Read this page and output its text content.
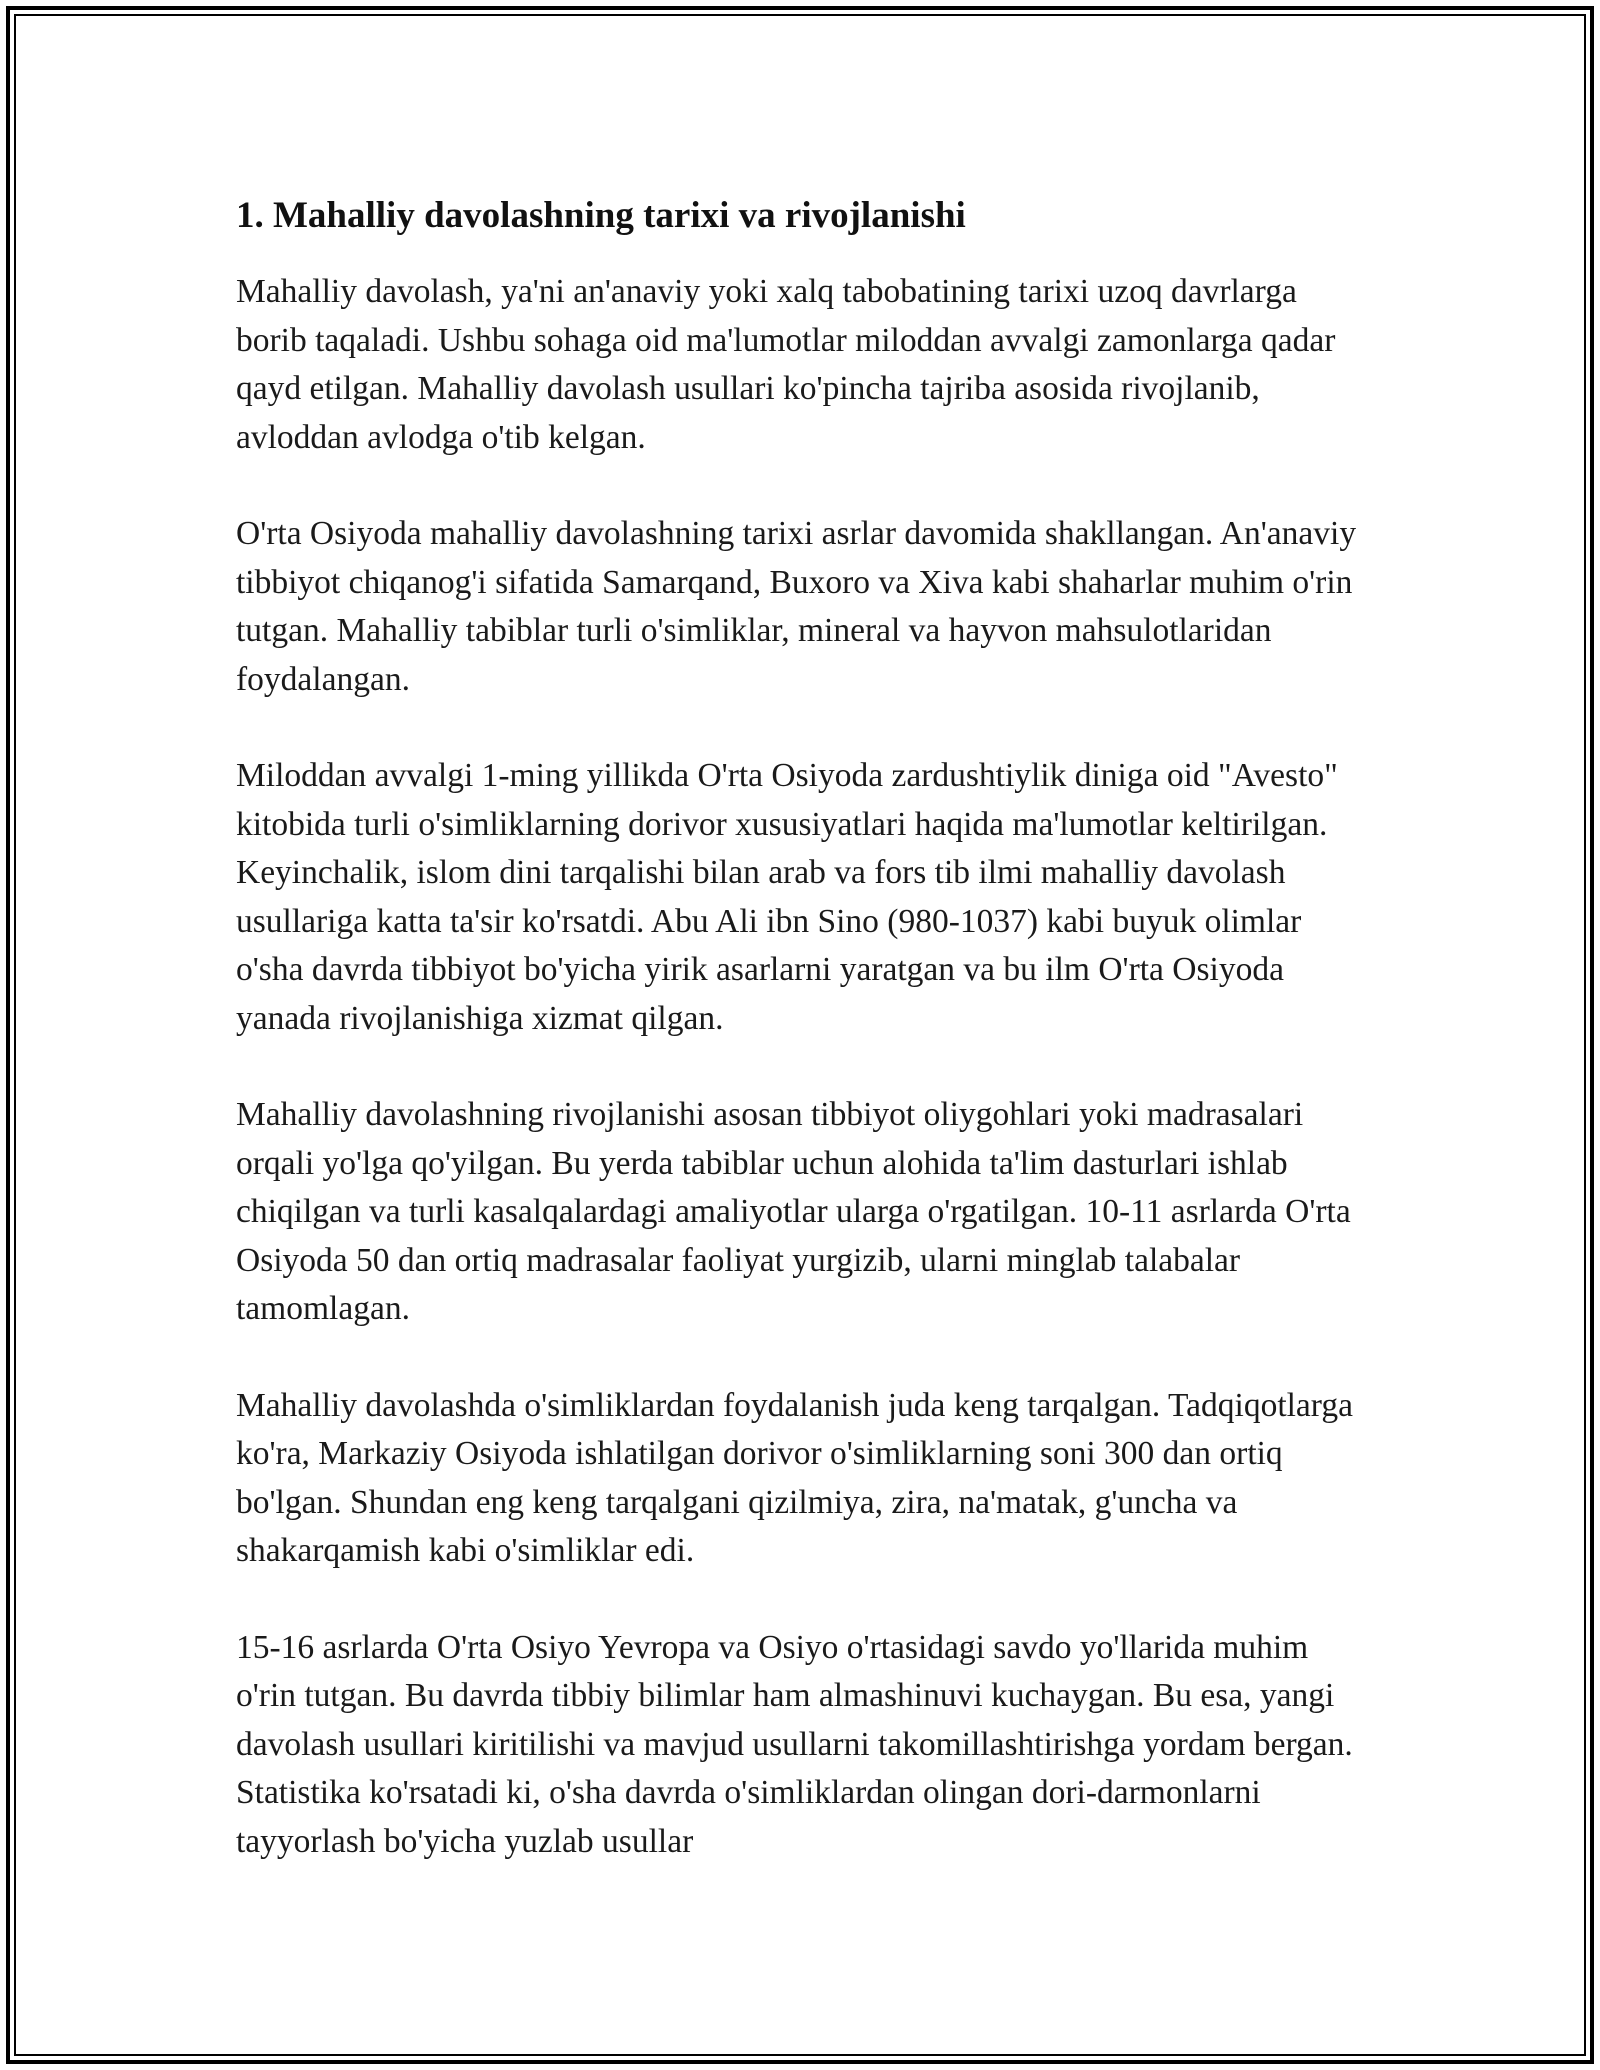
1. Mahalliy davolashning tarixi va rivojlanishi

Mahalliy davolash, ya'ni an'anaviy yoki xalq tabobatining tarixi uzoq davrlarga borib taqaladi. Ushbu sohaga oid ma'lumotlar miloddan avvalgi zamonlarga qadar qayd etilgan. Mahalliy davolash usullari ko'pincha tajriba asosida rivojlanib, avloddan avlodga o'tib kelgan.

O'rta Osiyoda mahalliy davolashning tarixi asrlar davomida shakllangan. An'anaviy tibbiyot chiqanog'i sifatida Samarqand, Buxoro va Xiva kabi shaharlar muhim o'rin tutgan. Mahalliy tabiblar turli o'simliklar, mineral va hayvon mahsulotlaridan foydalangan.

Miloddan avvalgi 1-ming yillikda O'rta Osiyoda zardushtiylik diniga oid "Avesto" kitobida turli o'simliklarning dorivor xususiyatlari haqida ma'lumotlar keltirilgan. Keyinchalik, islom dini tarqalishi bilan arab va fors tib ilmi mahalliy davolash usullariga katta ta'sir ko'rsatdi. Abu Ali ibn Sino (980-1037) kabi buyuk olimlar o'sha davrda tibbiyot bo'yicha yirik asarlarni yaratgan va bu ilm O'rta Osiyoda yanada rivojlanishiga xizmat qilgan.

Mahalliy davolashning rivojlanishi asosan tibbiyot oliygohlari yoki madrasalari orqali yo'lga qo'yilgan. Bu yerda tabiblar uchun alohida ta'lim dasturlari ishlab chiqilgan va turli kasalqalardagi amaliyotlar ularga o'rgatilgan. 10-11 asrlarda O'rta Osiyoda 50 dan ortiq madrasalar faoliyat yurgizib, ularni minglab talabalar tamomlagan.

Mahalliy davolashda o'simliklardan foydalanish juda keng tarqalgan. Tadqiqotlarga ko'ra, Markaziy Osiyoda ishlatilgan dorivor o'simliklarning soni 300 dan ortiq bo'lgan. Shundan eng keng tarqalgani qizilmiya, zira, na'matak, g'uncha va shakarqamish kabi o'simliklar edi.

15-16 asrlarda O'rta Osiyo Yevropa va Osiyo o'rtasidagi savdo yo'llarida muhim o'rin tutgan. Bu davrda tibbiy bilimlar ham almashinuvi kuchaygan. Bu esa, yangi davolash usullari kiritilishi va mavjud usullarni takomillashtirishga yordam bergan. Statistika ko'rsatadi ki, o'sha davrda o'simliklardan olingan dori-darmonlarni tayyorlash bo'yicha yuzlab usullar
